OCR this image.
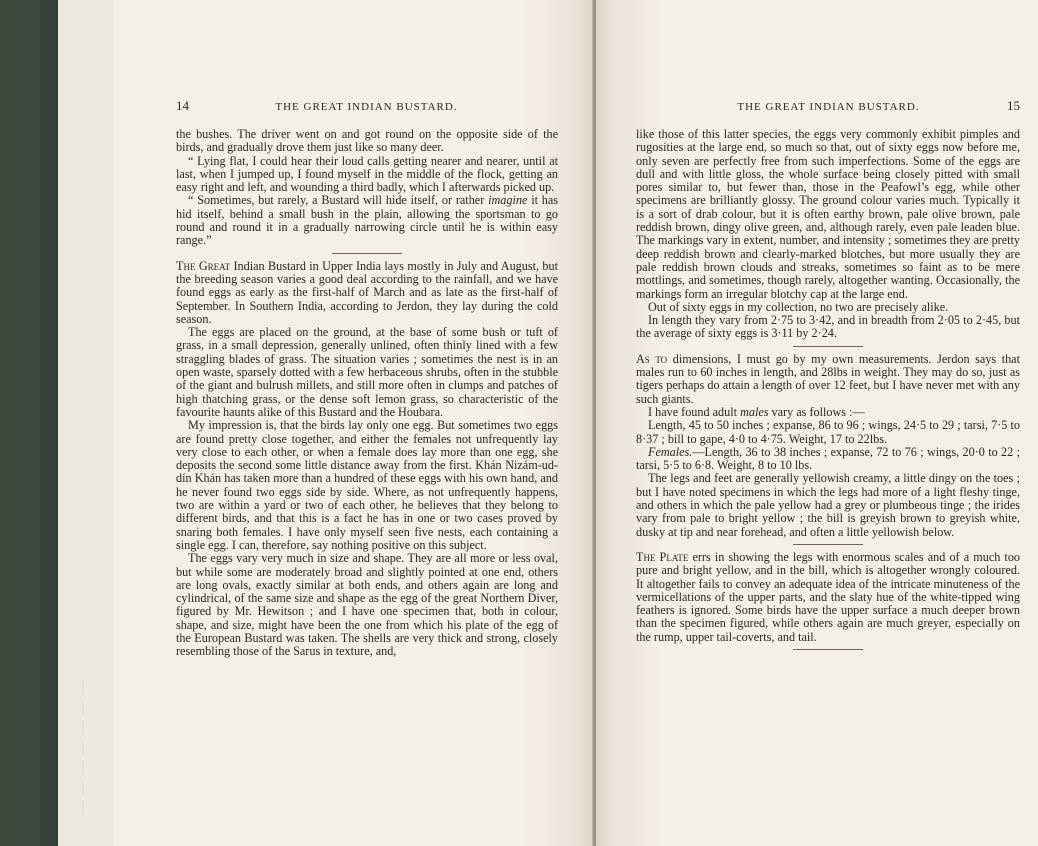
14	THE GREAT INDIAN BUSTARD.

the bushes. The driver went on and got round on the opposite side of the birds, and gradually drove them just like so many deer.

“ Lying flat, I could hear their loud calls getting nearer and nearer, until at last, when I jumped up, I found myself in the middle of the flock, getting an easy right and left, and wounding a third badly, which I afterwards picked up.

“ Sometimes, but rarely, a Bustard will hide itself, or rather imagine it has hid itself, behind a small bush in the plain, allowing the sportsman to go round and round it in a gradually narrowing circle until he is within easy range.”

The Great Indian Bustard in Upper India lays mostly in July and August, but the breeding season varies a good deal according to the rainfall, and we have found eggs as early as the first-half of March and as late as the first-half of September. In Southern India, according to Jerdon, they lay during the cold season.

The eggs are placed on the ground, at the base of some bush or tuft of grass, in a small depression, generally unlined, often thinly lined with a few straggling blades of grass. The situation varies ; sometimes the nest is in an open waste, sparsely dotted with a few herbaceous shrubs, often in the stubble of the giant and bulrush millets, and still more often in clumps and patches of high thatching grass, or the dense soft lemon grass, so characteristic of the favourite haunts alike of this Bustard and the Houbara.

My impression is, that the birds lay only one egg. But sometimes two eggs are found pretty close together, and either the females not unfrequently lay very close to each other, or when a female does lay more than one egg, she deposits the second some little distance away from the first. Khán Nizám-ud-dín Khán has taken more than a hundred of these eggs with his own hand, and he never found two eggs side by side. Where, as not unfrequently happens, two are within a yard or two of each other, he believes that they belong to different birds, and that this is a fact he has in one or two cases proved by snaring both females. I have only myself seen five nests, each containing a single egg. I can, therefore, say nothing positive on this subject.

The eggs vary very much in size and shape. They are all more or less oval, but while some are moderately broad and slightly pointed at one end, others are long ovals, exactly similar at both ends, and others again are long and cylindrical, of the same size and shape as the egg of the great Northern Diver, figured by Mr. Hewitson ; and I have one specimen that, both in colour, shape, and size, might have been the one from which his plate of the egg of the European Bustard was taken. The shells are very thick and strong, closely resembling those of the Sarus in texture, and,

THE GREAT INDIAN BUSTARD.	15

like those of this latter species, the eggs very commonly exhibit pimples and rugosities at the large end, so much so that, out of sixty eggs now before me, only seven are perfectly free from such imperfections. Some of the eggs are dull and with little gloss, the whole surface being closely pitted with small pores similar to, but fewer than, those in the Peafowl’s egg, while other specimens are brilliantly glossy. The ground colour varies much. Typically it is a sort of drab colour, but it is often earthy brown, pale olive brown, pale reddish brown, dingy olive green, and, although rarely, even pale leaden blue. The markings vary in extent, number, and intensity ; sometimes they are pretty deep reddish brown and clearly-marked blotches, but more usually they are pale reddish brown clouds and streaks, sometimes so faint as to be mere mottlings, and sometimes, though rarely, altogether wanting. Occasionally, the markings form an irregular blotchy cap at the large end.

Out of sixty eggs in my collection, no two are precisely alike.

In length they vary from 2·75 to 3·42, and in breadth from 2·05 to 2·45, but the average of sixty eggs is 3·11 by 2·24.

As to dimensions, I must go by my own measurements. Jerdon says that males run to 60 inches in length, and 28lbs in weight. They may do so, just as tigers perhaps do attain a length of over 12 feet, but I have never met with any such giants.

I have found adult males vary as follows :—

Length, 45 to 50 inches ; expanse, 86 to 96 ; wings, 24·5 to 29 ; tarsi, 7·5 to 8·37 ; bill to gape, 4·0 to 4·75. Weight, 17 to 22lbs.

Females.—Length, 36 to 38 inches ; expanse, 72 to 76 ; wings, 20·0 to 22 ; tarsi, 5·5 to 6·8. Weight, 8 to 10 lbs.

The legs and feet are generally yellowish creamy, a little dingy on the toes ; but I have noted specimens in which the legs had more of a light fleshy tinge, and others in which the pale yellow had a grey or plumbeous tinge ; the irides vary from pale to bright yellow ; the bill is greyish brown to greyish white, dusky at tip and near forehead, and often a little yellowish below.

The Plate errs in showing the legs with enormous scales and of a much too pure and bright yellow, and in the bill, which is altogether wrongly coloured. It altogether fails to convey an adequate idea of the intricate minuteness of the vermicellations of the upper parts, and the slaty hue of the white-tipped wing feathers is ignored. Some birds have the upper surface a much deeper brown than the specimen figured, while others again are much greyer, especially on the rump, upper tail-coverts, and tail.
